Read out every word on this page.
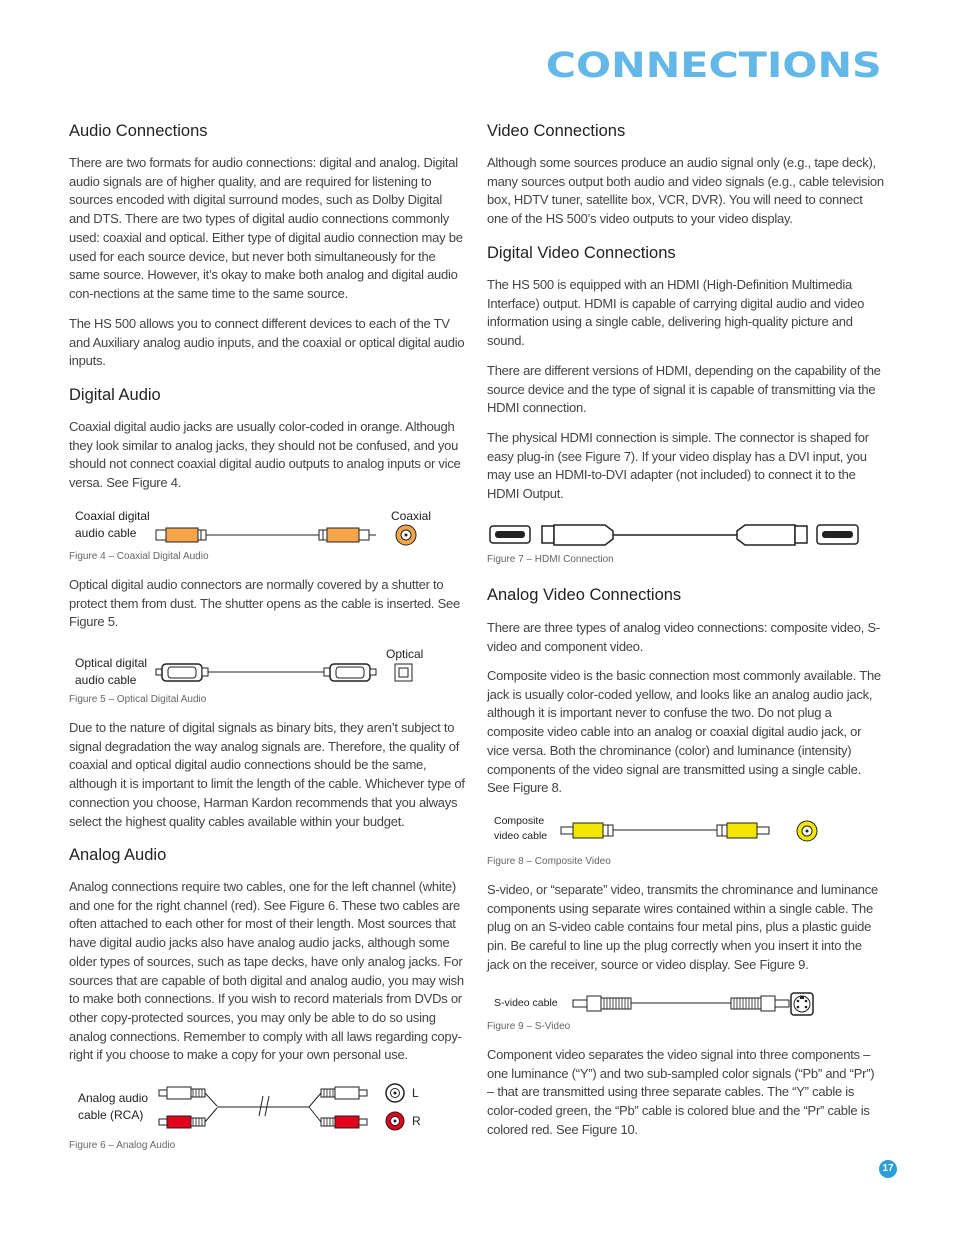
CONNECTIONS
Audio Connections

There are two formats for audio connections: digital and analog. Digital audio signals are of higher quality, and are required for listening to sources encoded with digital surround modes, such as Dolby Digital and DTS. There are two types of digital audio connections commonly used: coaxial and optical. Either type of digital audio connection may be used for each source device, but never both simultaneously for the same source. However, it’s okay to make both analog and digital audio con-nections at the same time to the same source.

The HS 500 allows you to connect different devices to each of the TV and Auxiliary analog audio inputs, and the coaxial or optical digital audio inputs.

Digital Audio

Coaxial digital audio jacks are usually color-coded in orange. Although they look similar to analog jacks, they should not be confused, and you should not connect coaxial digital audio outputs to analog inputs or vice versa. See Figure 4.

Coaxial digital audio cable
Coaxial

Figure 4 – Coaxial Digital Audio

Optical digital audio connectors are normally covered by a shutter to protect them from dust. The shutter opens as the cable is inserted. See Figure 5.

Optical digital audio cable
Optical

Figure 5 – Optical Digital Audio

Due to the nature of digital signals as binary bits, they aren’t subject to signal degradation the way analog signals are. Therefore, the quality of coaxial and optical digital audio connections should be the same, although it is important to limit the length of the cable. Whichever type of connection you choose, Harman Kardon recommends that you always select the highest quality cables available within your budget.

Analog Audio

Analog connections require two cables, one for the left channel (white) and one for the right channel (red). See Figure 6. These two cables are often attached to each other for most of their length. Most sources that have digital audio jacks also have analog audio jacks, although some older types of sources, such as tape decks, have only analog jacks. For sources that are capable of both digital and analog audio, you may wish to make both connections. If you wish to record materials from DVDs or other copy-protected sources, you may only be able to do so using analog connections. Remember to comply with all laws regarding copy-right if you choose to make a copy for your own personal use.

Analog audio cable (RCA)
L
R

Figure 6 – Analog Audio

Video Connections

Although some sources produce an audio signal only (e.g., tape deck), many sources output both audio and video signals (e.g., cable television box, HDTV tuner, satellite box, VCR, DVR). You will need to connect one of the HS 500’s video outputs to your video display.

Digital Video Connections

The HS 500 is equipped with an HDMI (High-Definition Multimedia Interface) output. HDMI is capable of carrying digital audio and video information using a single cable, delivering high-quality picture and sound.

There are different versions of HDMI, depending on the capability of the source device and the type of signal it is capable of transmitting via the HDMI connection.

The physical HDMI connection is simple. The connector is shaped for easy plug-in (see Figure 7). If your video display has a DVI input, you may use an HDMI-to-DVI adapter (not included) to connect it to the HDMI Output.

Figure 7 – HDMI Connection

Analog Video Connections

There are three types of analog video connections: composite video, S-video and component video.

Composite video is the basic connection most commonly available. The jack is usually color-coded yellow, and looks like an analog audio jack, although it is important never to confuse the two. Do not plug a composite video cable into an analog or coaxial digital audio jack, or vice versa. Both the chrominance (color) and luminance (intensity) components of the video signal are transmitted using a single cable. See Figure 8.

Composite video cable

Figure 8 – Composite Video

S-video, or “separate” video, transmits the chrominance and luminance components using separate wires contained within a single cable. The plug on an S-video cable contains four metal pins, plus a plastic guide pin. Be careful to line up the plug correctly when you insert it into the jack on the receiver, source or video display. See Figure 9.

S-video cable

Figure 9 – S-Video

Component video separates the video signal into three components – one luminance (“Y”) and two sub-sampled color signals (“Pb” and “Pr”) – that are transmitted using three separate cables. The “Y” cable is color-coded green, the “Pb” cable is colored blue and the “Pr” cable is colored red. See Figure 10.

17
